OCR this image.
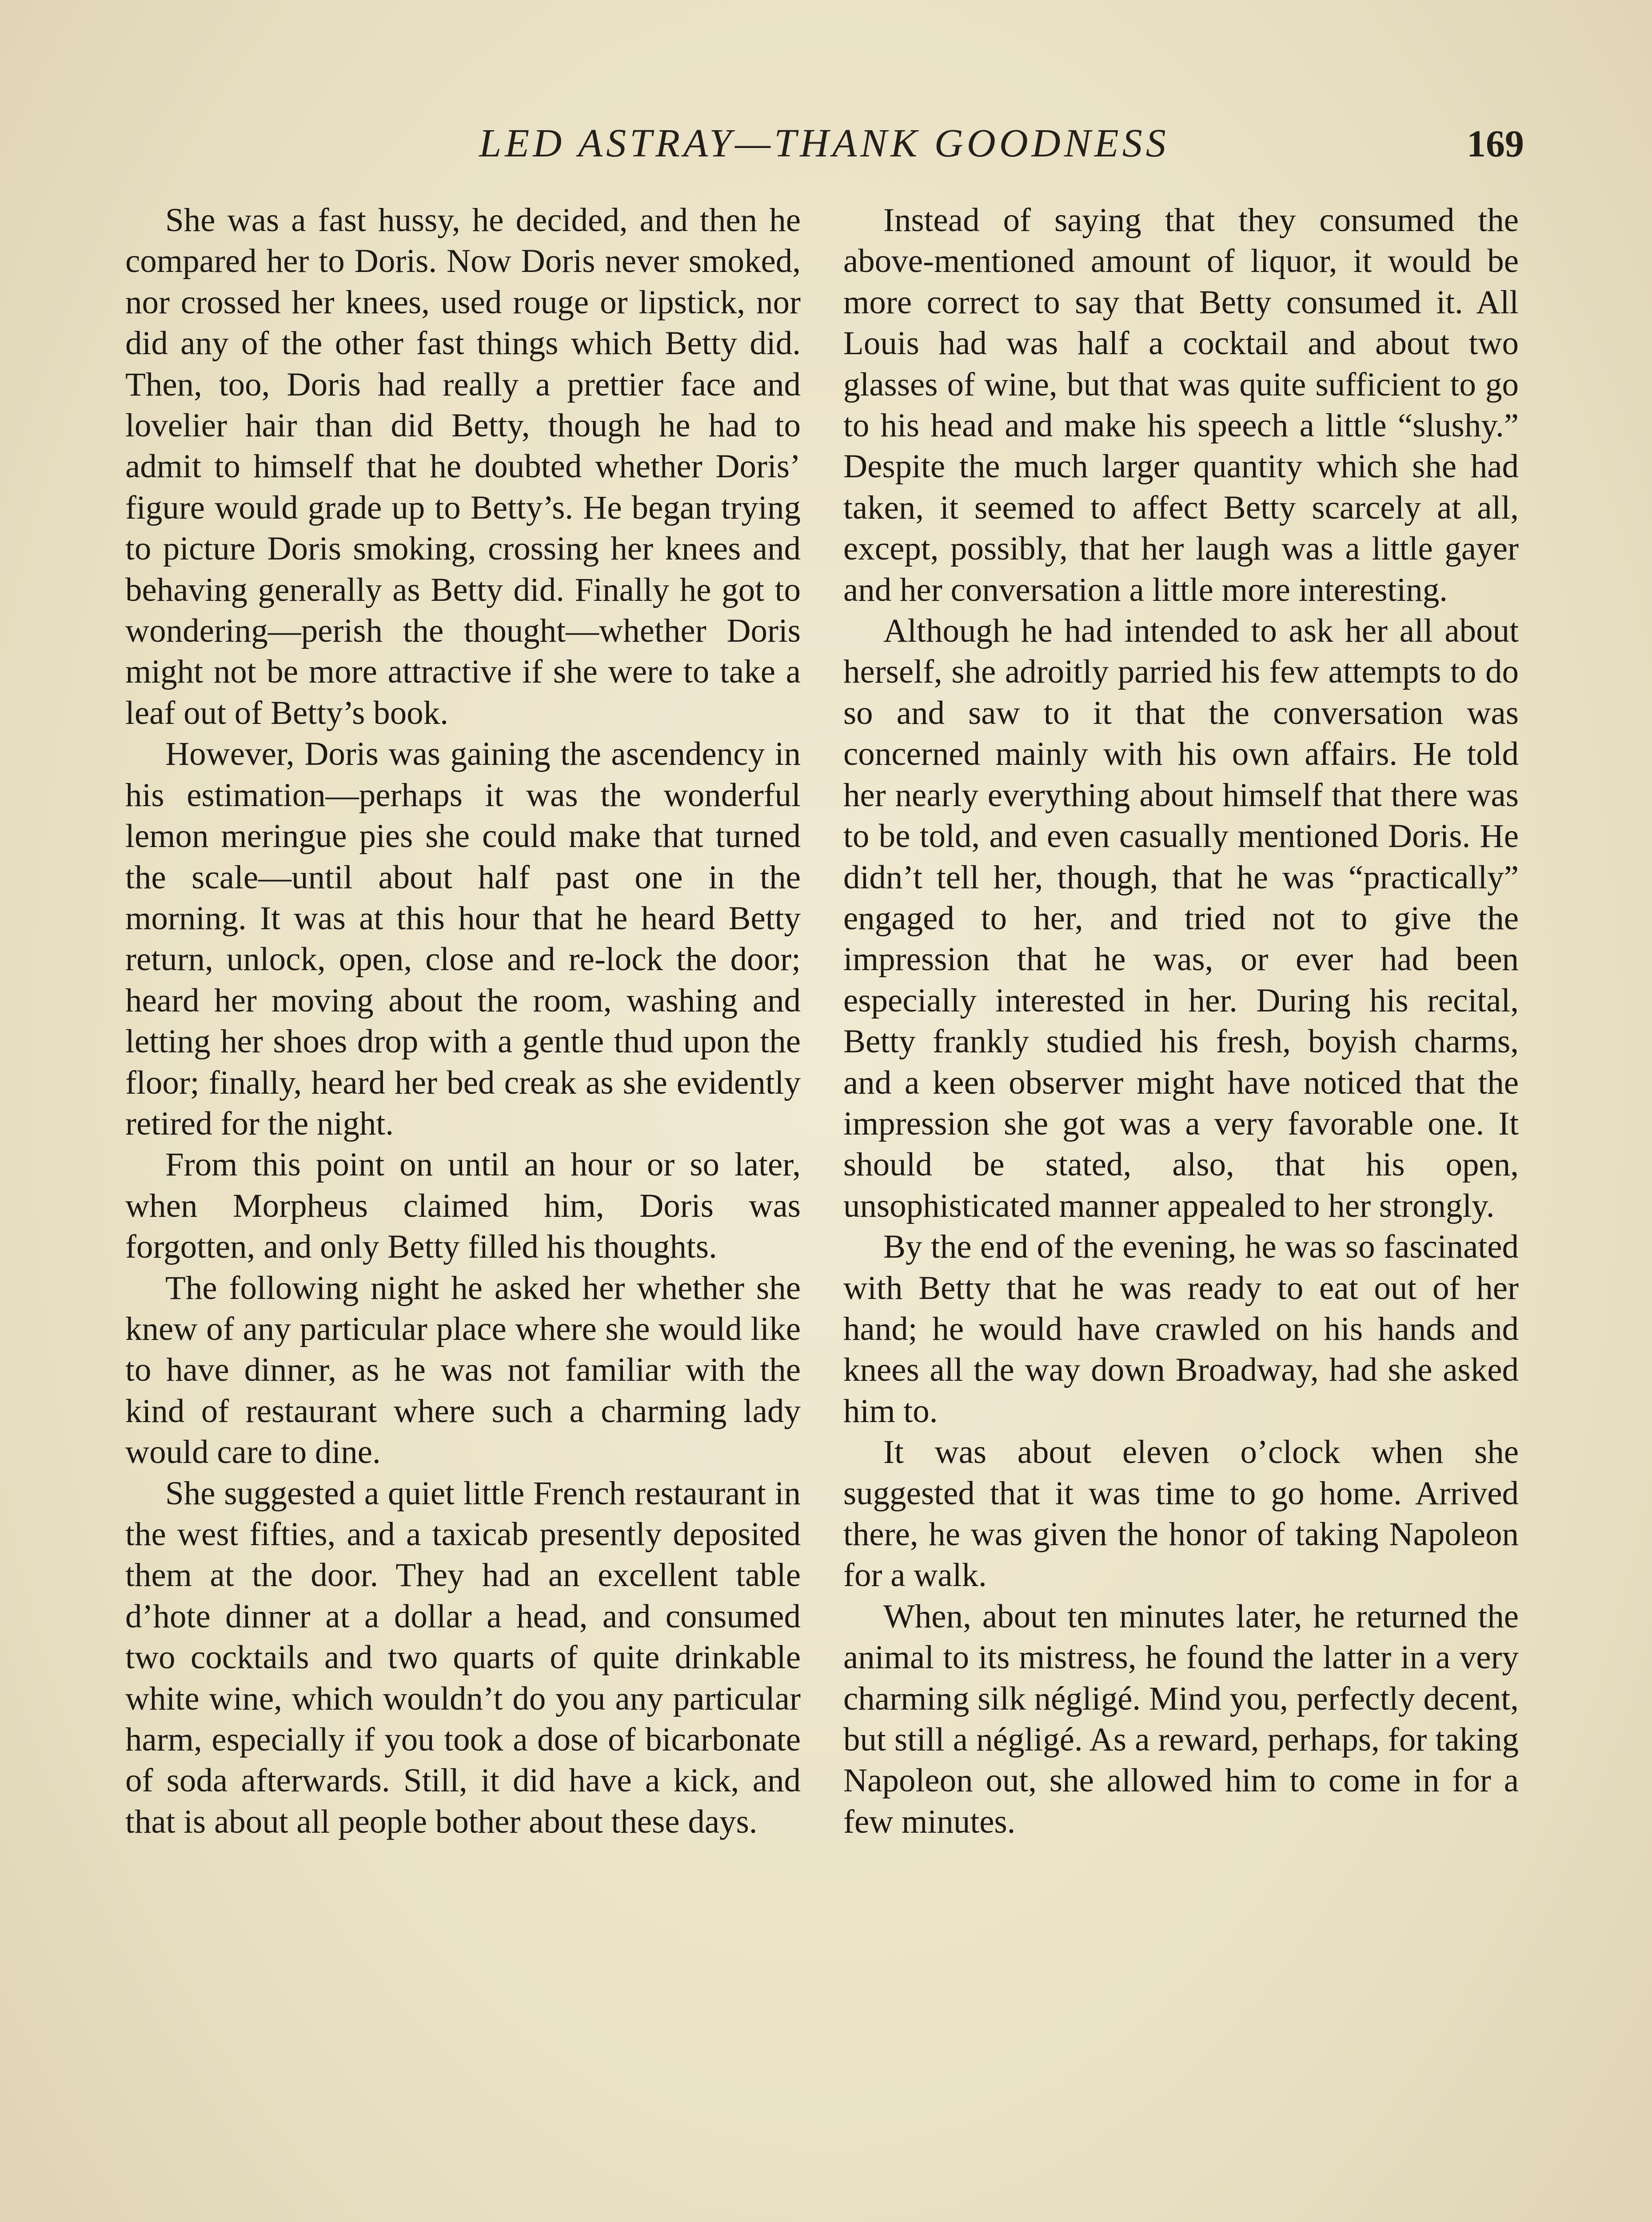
LED ASTRAY—THANK GOODNESS	169

She was a fast hussy, he decided, and then he compared her to Doris. Now Doris never smoked, nor crossed her knees, used rouge or lipstick, nor did any of the other fast things which Betty did. Then, too, Doris had really a prettier face and lovelier hair than did Betty, though he had to admit to himself that he doubted whether Doris’ figure would grade up to Betty’s. He began trying to picture Doris smoking, crossing her knees and behaving generally as Betty did. Finally he got to wondering—perish the thought—whether Doris might not be more attractive if she were to take a leaf out of Betty’s book.

However, Doris was gaining the ascendency in his estimation—perhaps it was the wonderful lemon meringue pies she could make that turned the scale—until about half past one in the morning. It was at this hour that he heard Betty return, unlock, open, close and re-lock the door; heard her moving about the room, washing and letting her shoes drop with a gentle thud upon the floor; finally, heard her bed creak as she evidently retired for the night.

From this point on until an hour or so later, when Morpheus claimed him, Doris was forgotten, and only Betty filled his thoughts.

The following night he asked her whether she knew of any particular place where she would like to have dinner, as he was not familiar with the kind of restaurant where such a charming lady would care to dine.

She suggested a quiet little French restaurant in the west fifties, and a taxicab presently deposited them at the door. They had an excellent table d’hote dinner at a dollar a head, and consumed two cocktails and two quarts of quite drinkable white wine, which wouldn’t do you any particular harm, especially if you took a dose of bicarbonate of soda afterwards. Still, it did have a kick, and that is about all people bother about these days.

Instead of saying that they consumed the above-mentioned amount of liquor, it would be more correct to say that Betty consumed it. All Louis had was half a cocktail and about two glasses of wine, but that was quite sufficient to go to his head and make his speech a little “slushy.” Despite the much larger quantity which she had taken, it seemed to affect Betty scarcely at all, except, possibly, that her laugh was a little gayer and her conversation a little more interesting.

Although he had intended to ask her all about herself, she adroitly parried his few attempts to do so and saw to it that the conversation was concerned mainly with his own affairs. He told her nearly everything about himself that there was to be told, and even casually mentioned Doris. He didn’t tell her, though, that he was “practically” engaged to her, and tried not to give the impression that he was, or ever had been especially interested in her. During his recital, Betty frankly studied his fresh, boyish charms, and a keen observer might have noticed that the impression she got was a very favorable one. It should be stated, also, that his open, unsophisticated manner appealed to her strongly.

By the end of the evening, he was so fascinated with Betty that he was ready to eat out of her hand; he would have crawled on his hands and knees all the way down Broadway, had she asked him to.

It was about eleven o’clock when she suggested that it was time to go home. Arrived there, he was given the honor of taking Napoleon for a walk.

When, about ten minutes later, he returned the animal to its mistress, he found the latter in a very charming silk négligé. Mind you, perfectly decent, but still a négligé. As a reward, perhaps, for taking Napoleon out, she allowed him to come in for a few minutes.
